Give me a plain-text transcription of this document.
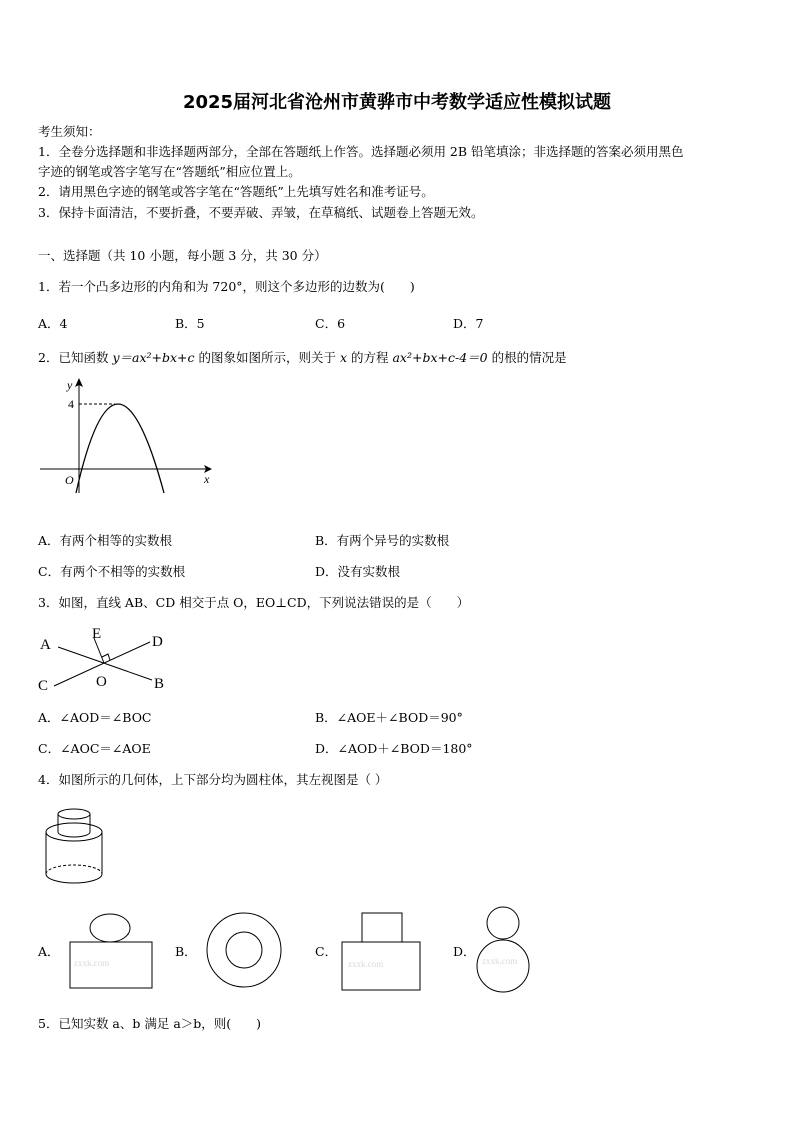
2025届河北省沧州市黄骅市中考数学适应性模拟试题
考生须知：
1．全卷分选择题和非选择题两部分，全部在答题纸上作答。选择题必须用 2B 铅笔填涂；非选择题的答案必须用黑色
字迹的钢笔或答字笔写在“答题纸”相应位置上。
2．请用黑色字迹的钢笔或答字笔在“答题纸”上先填写姓名和准考证号。
3．保持卡面清洁，不要折叠，不要弄破、弄皱，在草稿纸、试题卷上答题无效。
一、选择题（共 10 小题，每小题 3 分，共 30 分）
1．若一个凸多边形的内角和为 720°，则这个多边形的边数为(　　)
A．4	B．5	C．6	D．7
2．已知函数 y＝ax²+bx+c 的图象如图所示，则关于 x 的方程 ax²+bx+c-4＝0 的根的情况是
y
x
O
4
A．有两个相等的实数根	B．有两个异号的实数根
C．有两个不相等的实数根	D．没有实数根
3．如图，直线 AB、CD 相交于点 O，EO⊥CD，下列说法错误的是（　　）
A	D
C	B
E
O
A．∠AOD＝∠BOC	B．∠AOE＋∠BOD＝90°
C．∠AOC＝∠AOE	D．∠AOD＋∠BOD＝180°
4．如图所示的几何体，上下部分均为圆柱体，其左视图是（ ）
A．
zxxk.com
B．	C．
zxxk.com
D．
zxxk.com
5．已知实数 a、b 满足 a＞b，则(　　)
